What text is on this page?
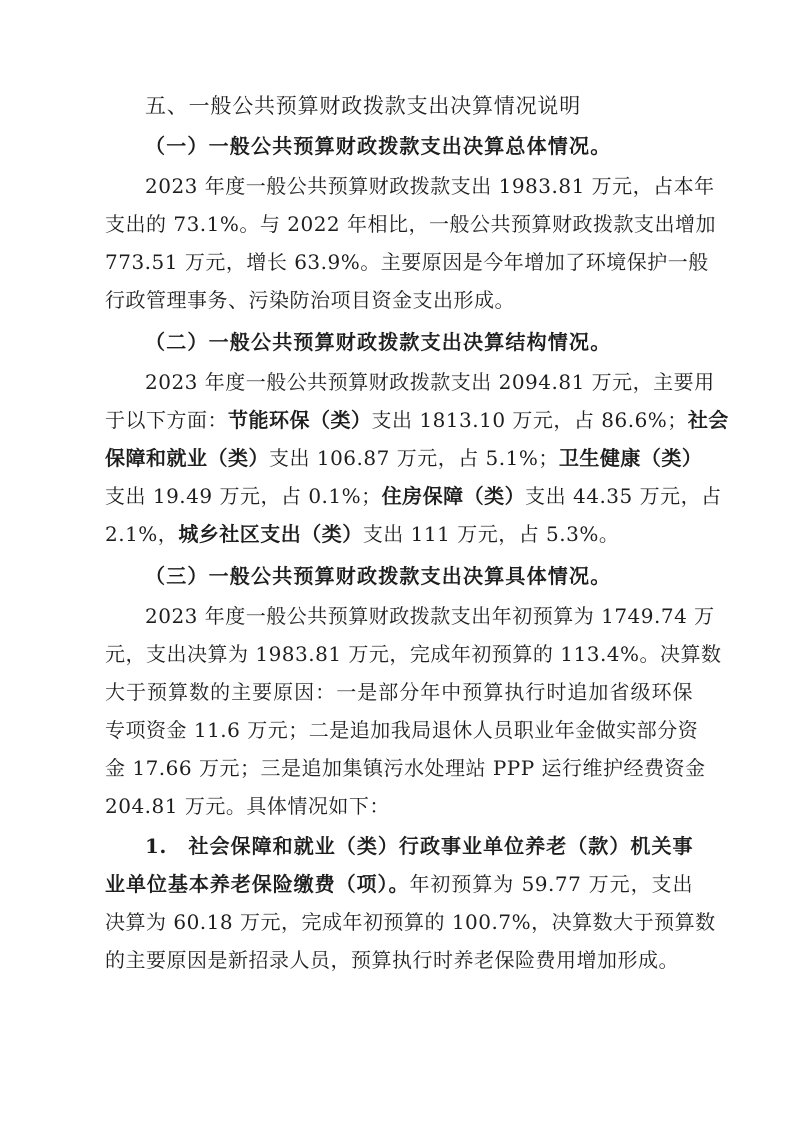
五、一般公共预算财政拨款支出决算情况说明
（一）一般公共预算财政拨款支出决算总体情况。
2023 年度一般公共预算财政拨款支出 1983.81 万元，占本年
支出的 73.1%。与 2022 年相比，一般公共预算财政拨款支出增加
773.51 万元，增长 63.9%。主要原因是今年增加了环境保护一般
行政管理事务、污染防治项目资金支出形成。
（二）一般公共预算财政拨款支出决算结构情况。
2023 年度一般公共预算财政拨款支出 2094.81 万元，主要用
于以下方面：节能环保（类）支出 1813.10 万元，占 86.6%；社会
保障和就业（类）支出 106.87 万元，占 5.1%；卫生健康（类）
支出 19.49 万元，占 0.1%；住房保障（类）支出 44.35 万元，占
2.1%，城乡社区支出（类）支出 111 万元，占 5.3%。
（三）一般公共预算财政拨款支出决算具体情况。
2023 年度一般公共预算财政拨款支出年初预算为 1749.74 万
元，支出决算为 1983.81 万元，完成年初预算的 113.4%。决算数
大于预算数的主要原因：一是部分年中预算执行时追加省级环保
专项资金 11.6 万元；二是追加我局退休人员职业年金做实部分资
金 17.66 万元；三是追加集镇污水处理站 PPP 运行维护经费资金
204.81 万元。具体情况如下：
1.　社会保障和就业（类）行政事业单位养老（款）机关事
业单位基本养老保险缴费（项）。年初预算为 59.77 万元，支出
决算为 60.18 万元，完成年初预算的 100.7%，决算数大于预算数
的主要原因是新招录人员，预算执行时养老保险费用增加形成。
